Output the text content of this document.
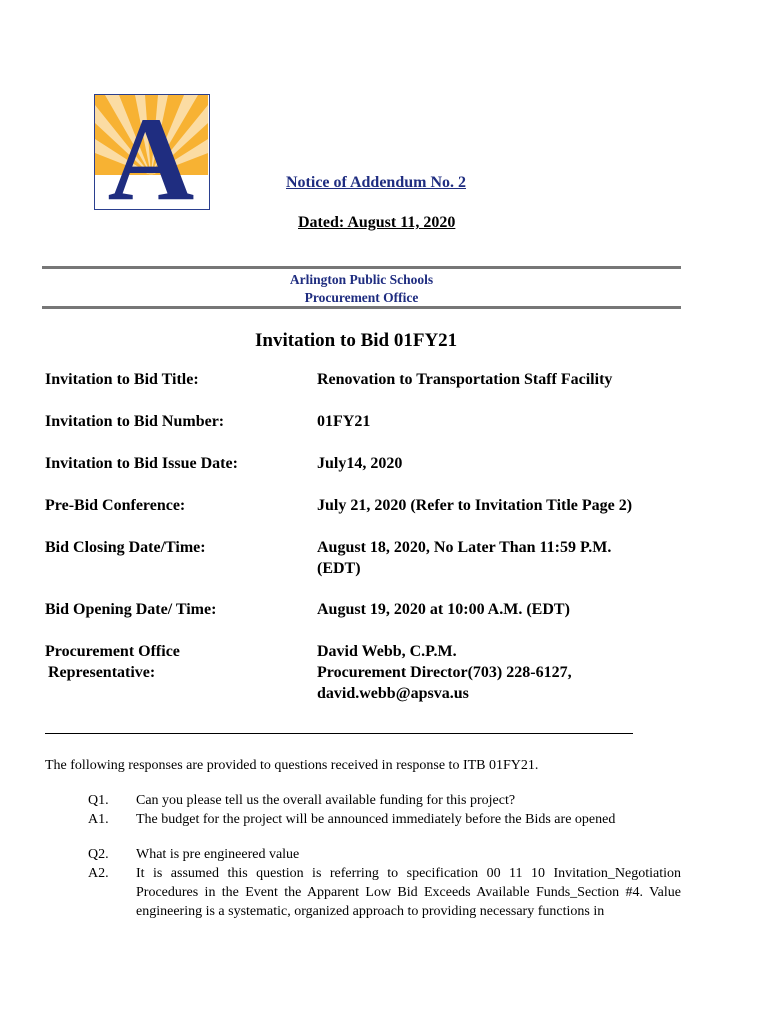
A	Notice of Addendum No. 2
Dated: August 11, 2020
Arlington Public Schools
Procurement Office
Invitation to Bid 01FY21
Invitation to Bid Title:	Renovation to Transportation Staff Facility
Invitation to Bid Number:	01FY21
Invitation to Bid Issue Date:	July14, 2020
Pre-Bid Conference:	July 21, 2020 (Refer to Invitation Title Page 2)
Bid Closing Date/Time:	August 18, 2020, No Later Than 11:59 P.M.
(EDT)
Bid Opening Date/ Time:	August 19, 2020 at 10:00 A.M. (EDT)
Procurement Office
Representative:
David Webb, C.P.M.
Procurement Director(703) 228-6127,
david.webb@apsva.us
The following responses are provided to questions received in response to ITB 01FY21.
Q1. Can you please tell us the overall available funding for this project?
A1. The budget for the project will be announced immediately before the Bids are opened
Q2. What is pre engineered value
A2. It is assumed this question is referring to specification 00 11 10 Invitation_Negotiation Procedures in the Event the Apparent Low Bid Exceeds Available Funds_Section #4. Value engineering is a systematic, organized approach to providing necessary functions in
